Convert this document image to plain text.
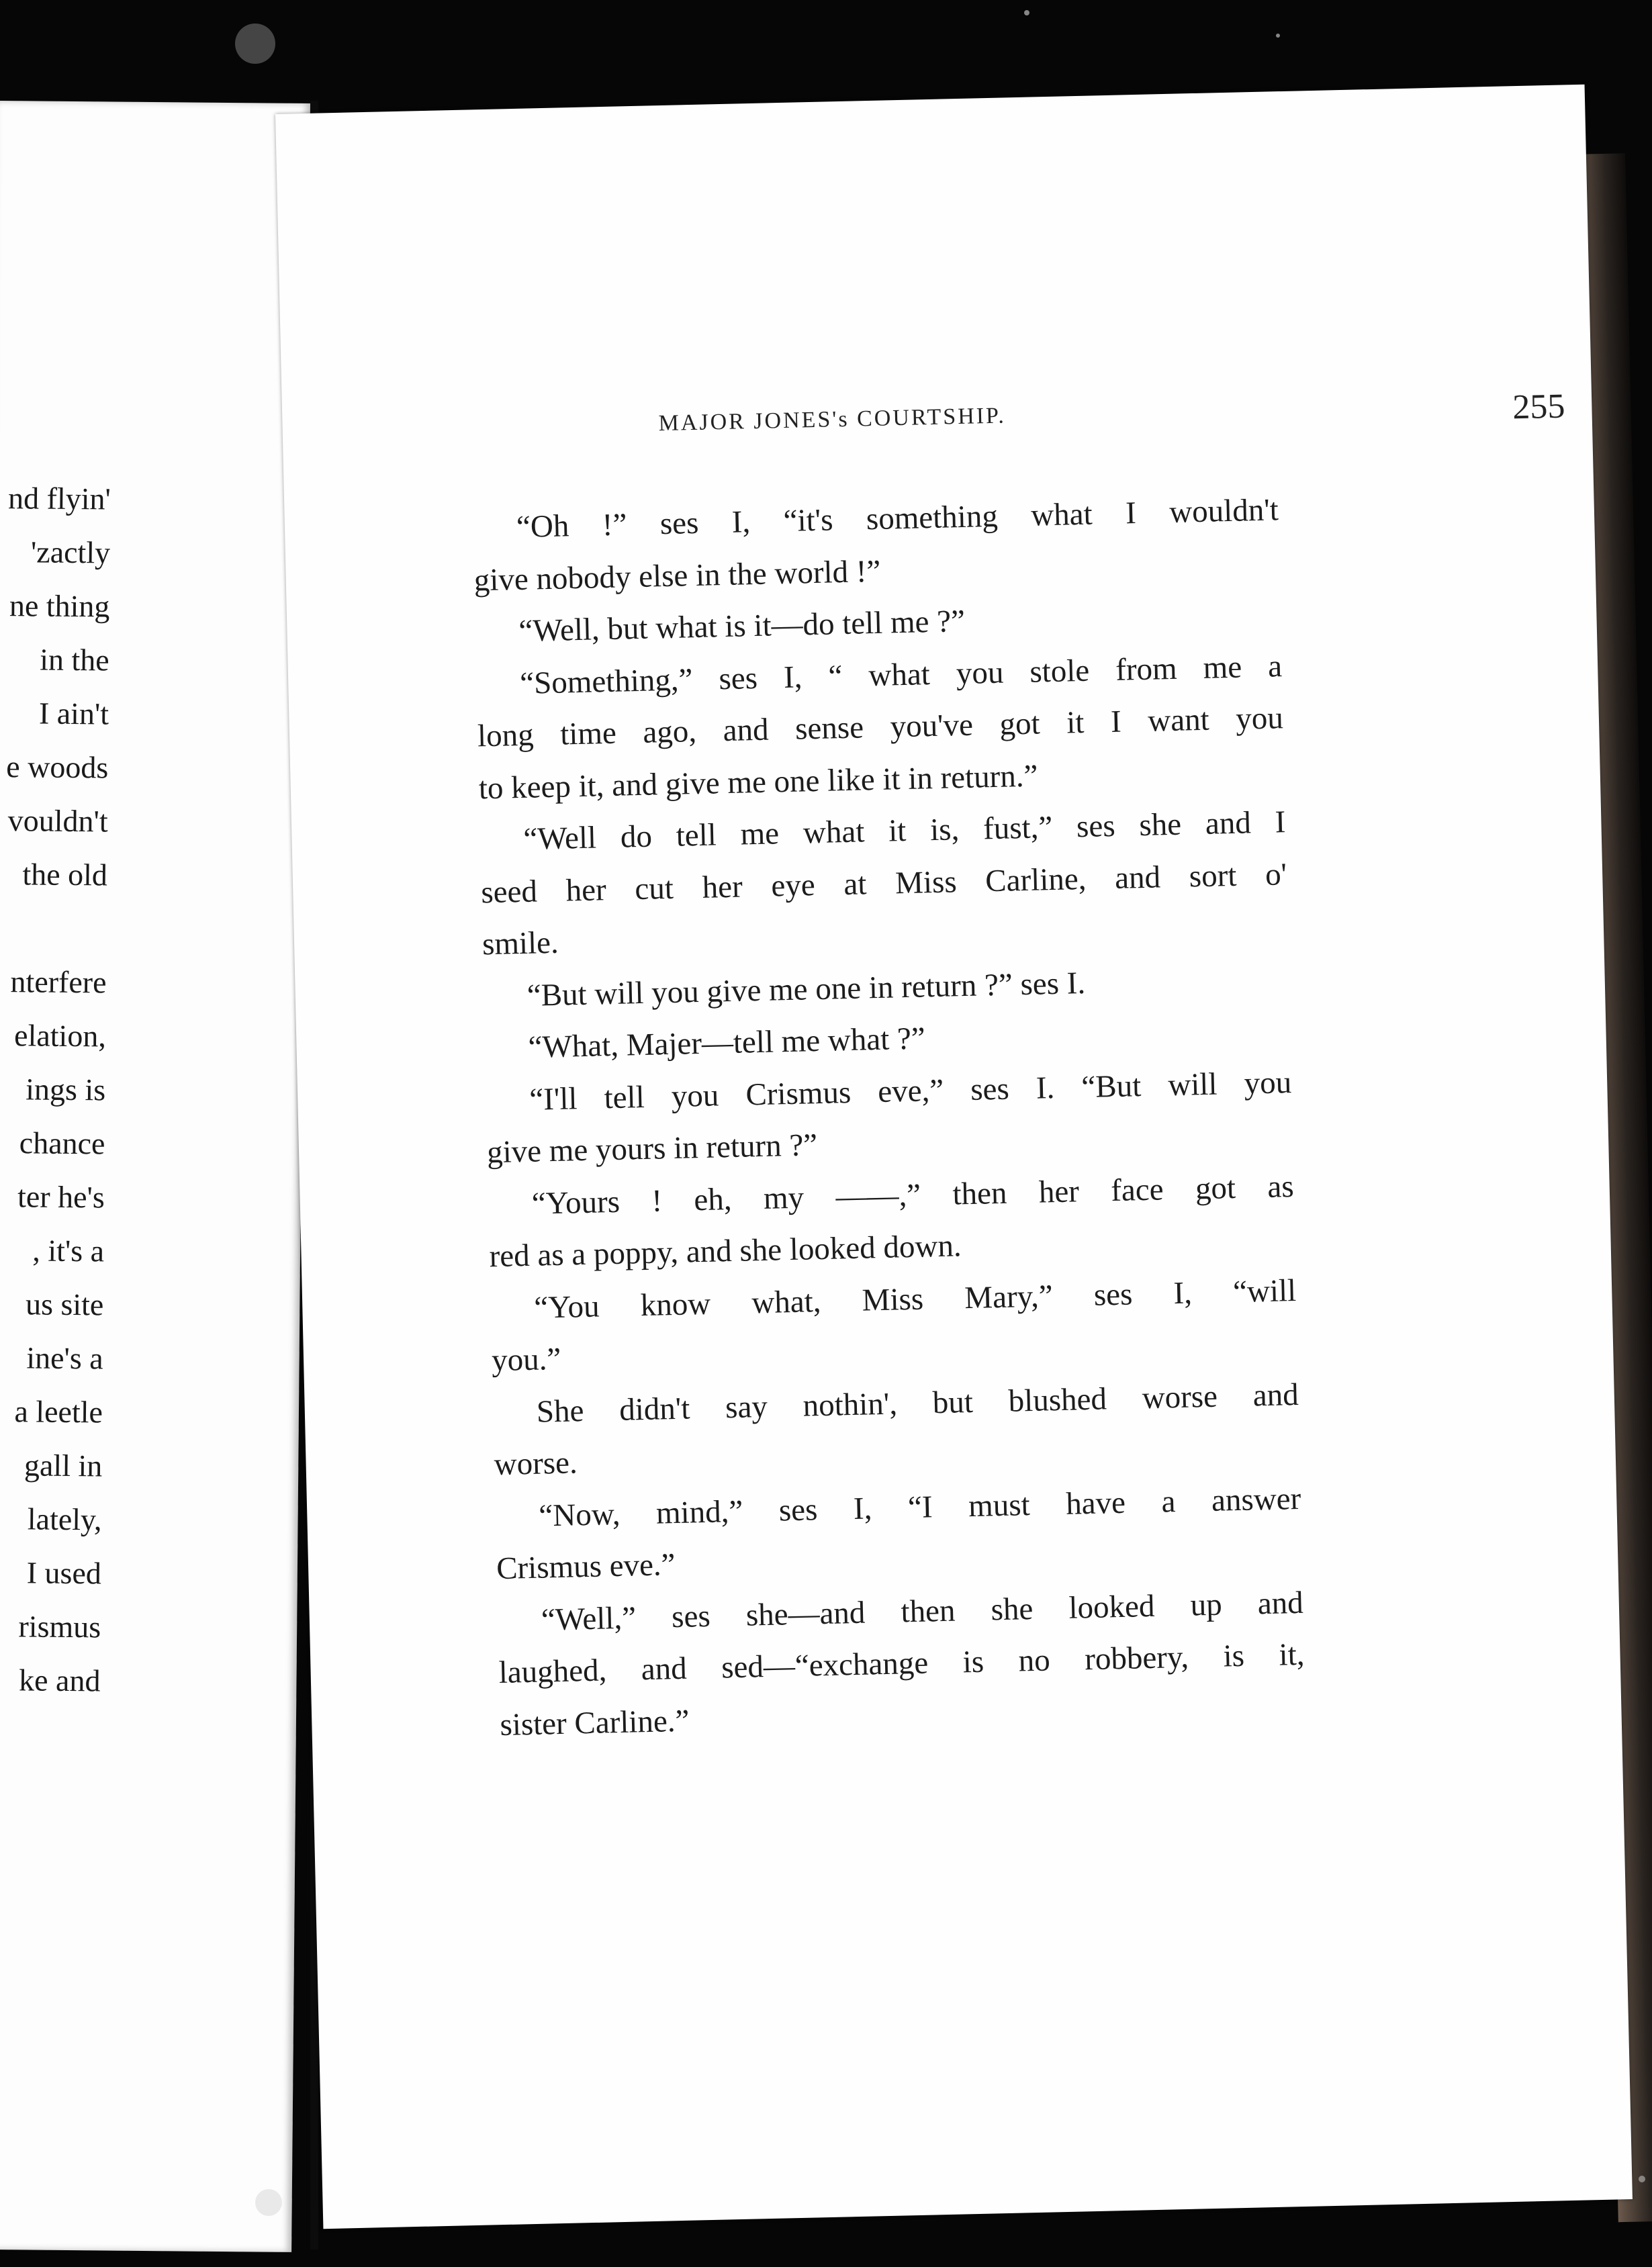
nd flyin'
'zactly
ne thing
in the
I ain't
e woods
vouldn't
the old
nterfere
elation,
ings is
chance
ter he's
, it's a
us site
ine's a
a leetle
gall in
lately,
I used
rismus
ke and
MAJOR JONES's COURTSHIP.	255
“Oh !” ses I, “it's something what I wouldn't
give nobody else in the world !”
“Well, but what is it—do tell me ?”
“Something,” ses I, “ what you stole from me a
long time ago, and sense you've got it I want you
to keep it, and give me one like it in return.”
“Well do tell me what it is, fust,” ses she and I
seed her cut her eye at Miss Carline, and sort o'
smile.
“But will you give me one in return ?” ses I.
“What, Majer—tell me what ?”
“I'll tell you Crismus eve,” ses I. “But will you
give me yours in return ?”
“Yours ! eh, my ——,” then her face got as
red as a poppy, and she looked down.
“You know what, Miss Mary,” ses I, “will
you.”
She didn't say nothin', but blushed worse and
worse.
“Now, mind,” ses I, “I must have a answer
Crismus eve.”
“Well,” ses she—and then she looked up and
laughed, and sed—“exchange is no robbery, is it,
sister Carline.”
